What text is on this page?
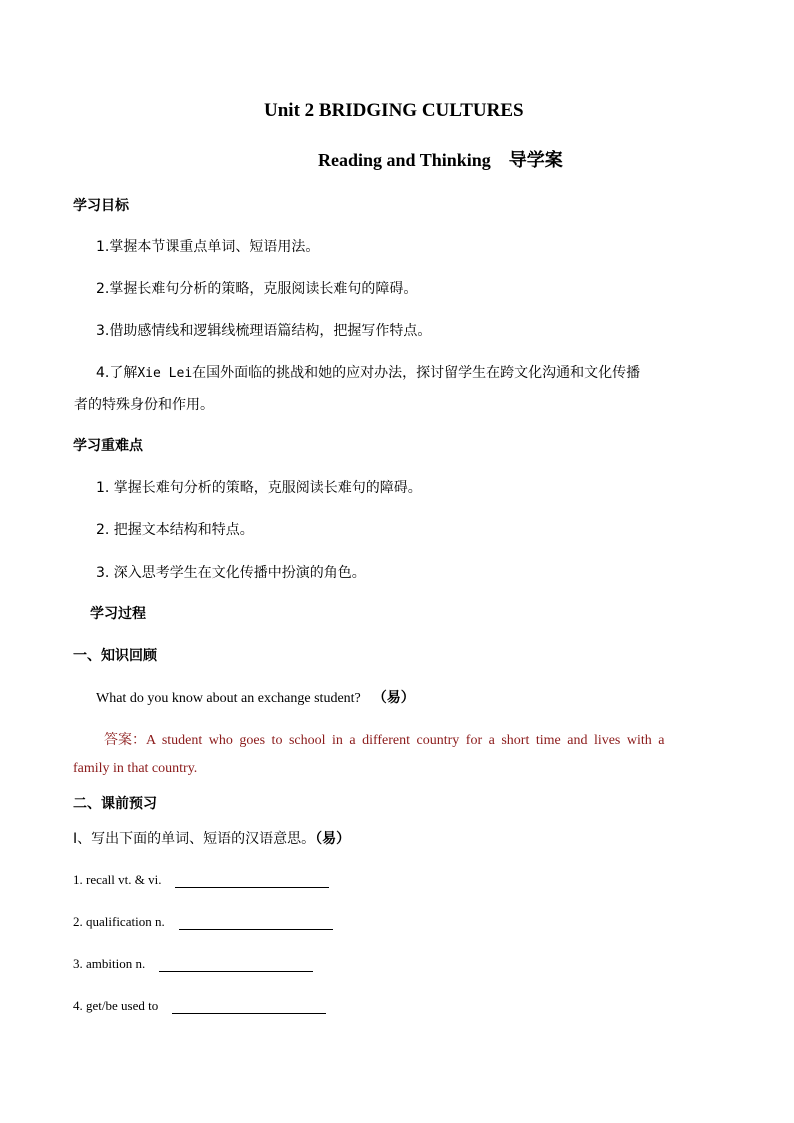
Unit 2 BRIDGING CULTURES
Reading and Thinking 导学案
学习目标
1.掌握本节课重点单词、短语用法。
2.掌握长难句分析的策略，克服阅读长难句的障碍。
3.借助感情线和逻辑线梳理语篇结构，把握写作特点。
4.了解Xie Lei在国外面临的挑战和她的应对办法，探讨留学生在跨文化沟通和文化传播
者的特殊身份和作用。
学习重难点
1. 掌握长难句分析的策略，克服阅读长难句的障碍。
2. 把握文本结构和特点。
3. 深入思考学生在文化传播中扮演的角色。
学习过程
一、知识回顾
What do you know about an exchange student? （易）
答案：A student who goes to school in a different country for a short time and lives with a
family in that country.
二、课前预习
I、写出下面的单词、短语的汉语意思。（易）
1. recall vt. & vi.
2. qualification n.
3. ambition n.
4. get/be used to
